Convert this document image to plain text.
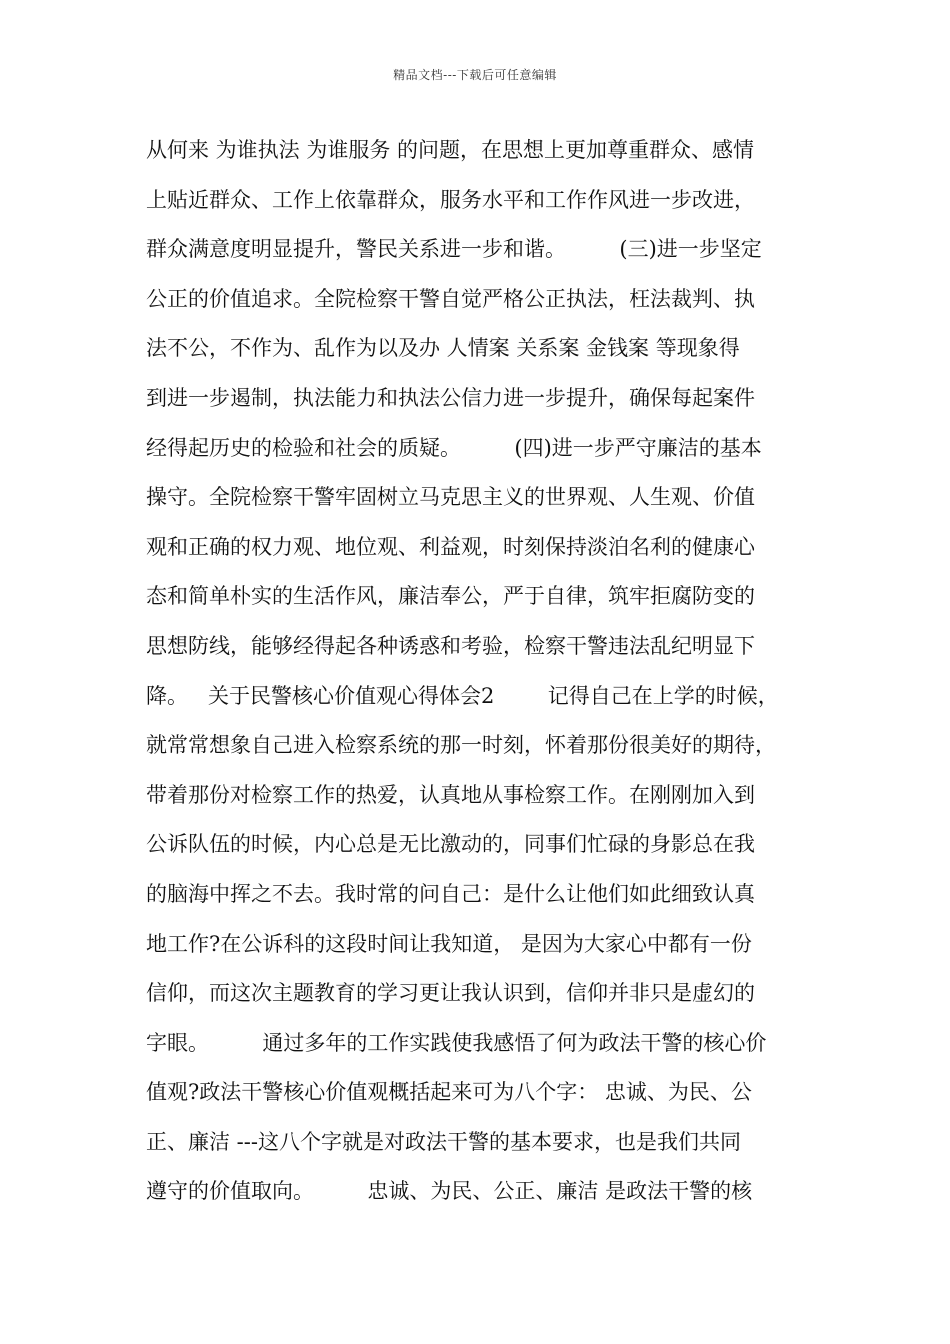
精品文档---下载后可任意编辑
从何来 为谁执法 为谁服务 的问题，在思想上更加尊重群众、感情
上贴近群众、工作上依靠群众，服务水平和工作作风进一步改进，
群众满意度明显提升，警民关系进一步和谐。        (三)进一步坚定
公正的价值追求。全院检察干警自觉严格公正执法，枉法裁判、执
法不公，不作为、乱作为以及办 人情案 关系案 金钱案 等现象得
到进一步遏制，执法能力和执法公信力进一步提升，确保每起案件
经得起历史的检验和社会的质疑。        (四)进一步严守廉洁的基本
操守。全院检察干警牢固树立马克思主义的世界观、人生观、价值
观和正确的权力观、地位观、利益观，时刻保持淡泊名利的健康心
态和简单朴实的生活作风，廉洁奉公，严于自律，筑牢拒腐防变的
思想防线，能够经得起各种诱惑和考验，检察干警违法乱纪明显下
降。   关于民警核心价值观心得体会2        记得自己在上学的时候，
就常常想象自己进入检察系统的那一时刻，怀着那份很美好的期待，
带着那份对检察工作的热爱，认真地从事检察工作。在刚刚加入到
公诉队伍的时候，内心总是无比激动的，同事们忙碌的身影总在我
的脑海中挥之不去。我时常的问自己：是什么让他们如此细致认真
地工作?在公诉科的这段时间让我知道， 是因为大家心中都有一份
信仰，而这次主题教育的学习更让我认识到，信仰并非只是虚幻的
字眼。        通过多年的工作实践使我感悟了何为政法干警的核心价
值观?政法干警核心价值观概括起来可为八个字： 忠诚、为民、公
正、廉洁 ---这八个字就是对政法干警的基本要求，也是我们共同
遵守的价值取向。        忠诚、为民、公正、廉洁 是政法干警的核
